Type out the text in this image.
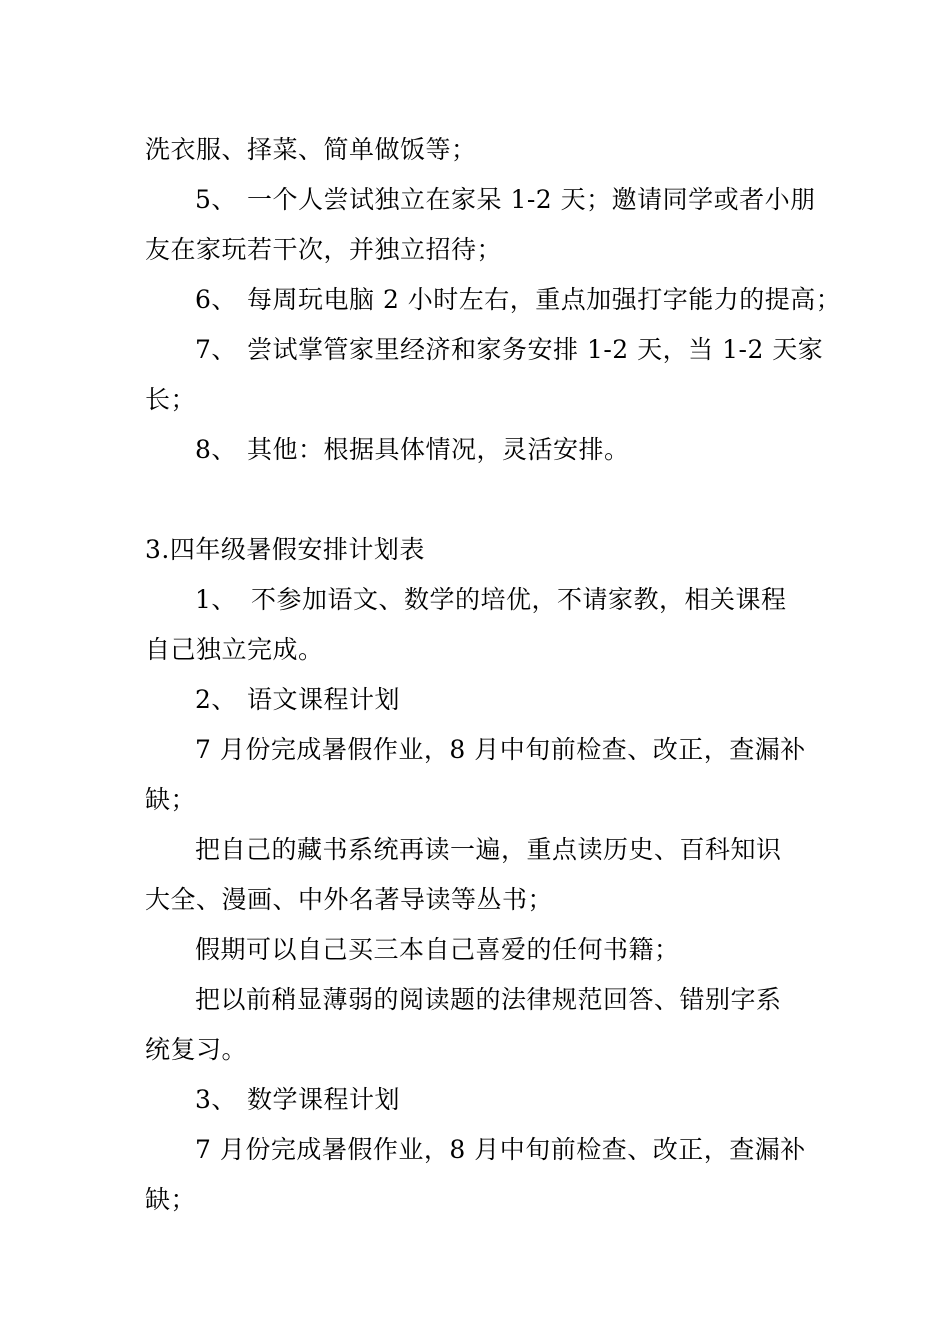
洗衣服、择菜、简单做饭等；
5、 一个人尝试独立在家呆 1-2 天；邀请同学或者小朋
友在家玩若干次，并独立招待；
6、 每周玩电脑 2 小时左右，重点加强打字能力的提高；
7、 尝试掌管家里经济和家务安排 1-2 天，当 1-2 天家
长；
8、 其他：根据具体情况，灵活安排。
3.四年级暑假安排计划表
1、 不参加语文、数学的培优，不请家教，相关课程
自己独立完成。
2、 语文课程计划
7 月份完成暑假作业，8 月中旬前检查、改正，查漏补
缺；
把自己的藏书系统再读一遍，重点读历史、百科知识
大全、漫画、中外名著导读等丛书；
假期可以自己买三本自己喜爱的任何书籍；
把以前稍显薄弱的阅读题的法律规范回答、错别字系
统复习。
3、 数学课程计划
7 月份完成暑假作业，8 月中旬前检查、改正，查漏补
缺；
